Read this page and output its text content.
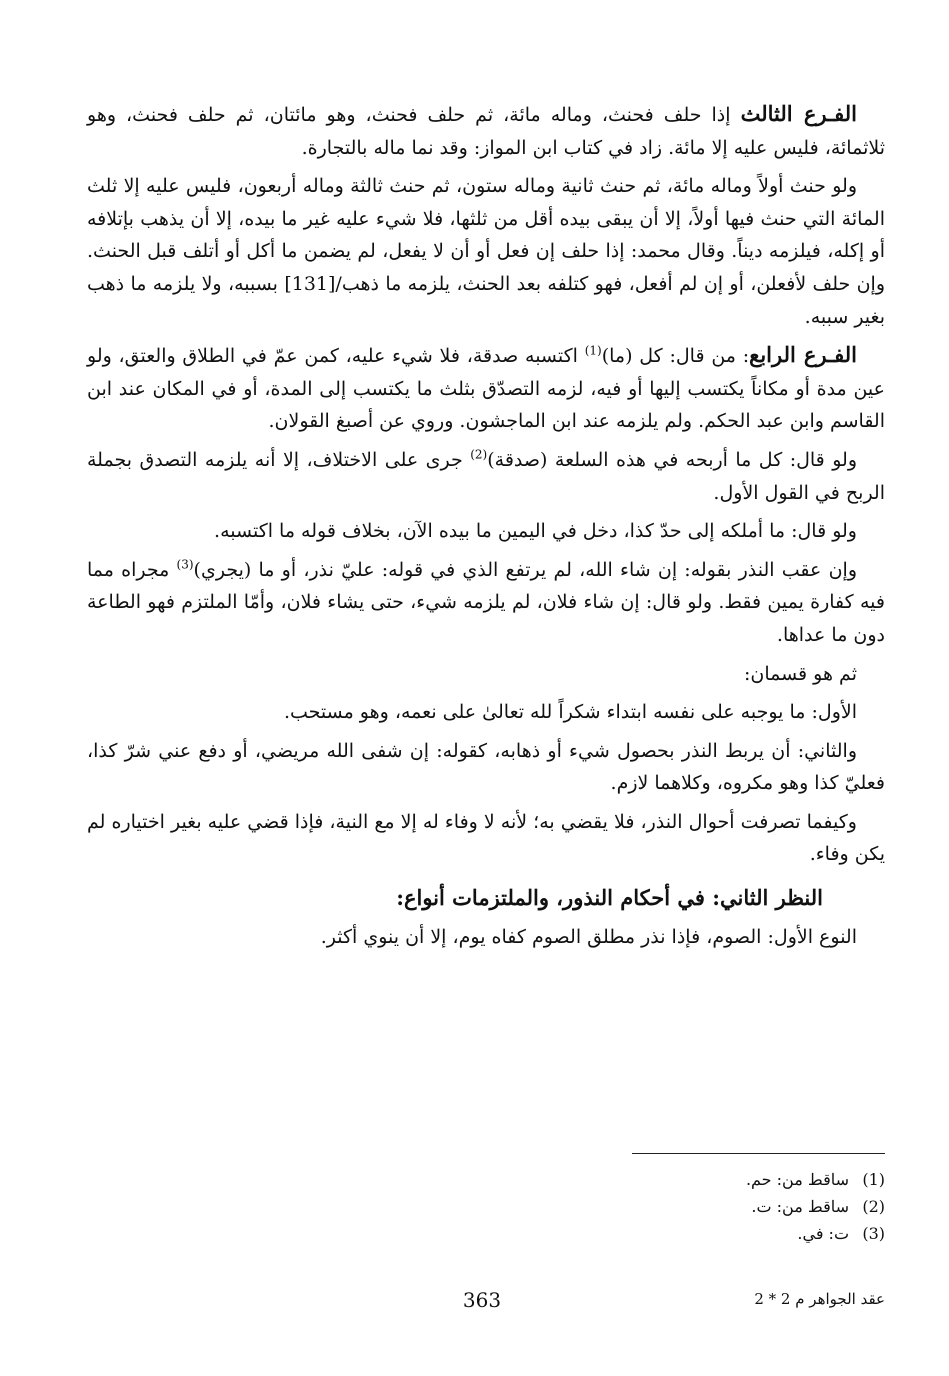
الفـرع الثالث إذا حلف فحنث، وماله مائة، ثم حلف فحنث، وهو مائتان، ثم حلف فحنث، وهو ثلاثمائة، فليس عليه إلا مائة. زاد في كتاب ابن المواز: وقد نما ماله بالتجارة.

ولو حنث أولاً وماله مائة، ثم حنث ثانية وماله ستون، ثم حنث ثالثة وماله أربعون، فليس عليه إلا ثلث المائة التي حنث فيها أولاً، إلا أن يبقى بيده أقل من ثلثها، فلا شيء عليه غير ما بيده، إلا أن يذهب بإتلافه أو إكله، فيلزمه ديناً. وقال محمد: إذا حلف إن فعل أو أن لا يفعل، لم يضمن ما أكل أو أتلف قبل الحنث. وإن حلف لأفعلن، أو إن لم أفعل، فهو كتلفه بعد الحنث، يلزمه ما ذهب/[131] بسببه، ولا يلزمه ما ذهب بغير سببه.

الفـرع الرابع: من قال: كل (ما)$^{(1)}$ اكتسبه صدقة، فلا شيء عليه، كمن عمّ في الطلاق والعتق، ولو عين مدة أو مكاناً يكتسب إليها أو فيه، لزمه التصدّق بثلث ما يكتسب إلى المدة، أو في المكان عند ابن القاسم وابن عبد الحكم. ولم يلزمه عند ابن الماجشون. وروي عن أصبغ القولان.

ولو قال: كل ما أربحه في هذه السلعة (صدقة)$^{(2)}$ جرى على الاختلاف، إلا أنه يلزمه التصدق بجملة الربح في القول الأول.

ولو قال: ما أملكه إلى حدّ كذا، دخل في اليمين ما بيده الآن، بخلاف قوله ما اكتسبه.

وإن عقب النذر بقوله: إن شاء الله، لم يرتفع الذي في قوله: عليّ نذر، أو ما (يجري)$^{(3)}$ مجراه مما فيه كفارة يمين فقط. ولو قال: إن شاء فلان، لم يلزمه شيء، حتى يشاء فلان، وأمّا الملتزم فهو الطاعة دون ما عداها.

ثم هو قسمان:

الأول: ما يوجبه على نفسه ابتداء شكراً لله تعالىٰ على نعمه، وهو مستحب.

والثاني: أن يربط النذر بحصول شيء أو ذهابه، كقوله: إن شفى الله مريضي، أو دفع عني شرّ كذا، فعليّ كذا وهو مكروه، وكلاهما لازم.

وكيفما تصرفت أحوال النذر، فلا يقضي به؛ لأنه لا وفاء له إلا مع النية، فإذا قضي عليه بغير اختياره لم يكن وفاء.

النظر الثاني: في أحكام النذور، والملتزمات أنواع:

النوع الأول: الصوم، فإذا نذر مطلق الصوم كفاه يوم، إلا أن ينوي أكثر.

(1)
ساقط من: حم.
(2)
ساقط من: ت.
(3)
ت: في.
363	عقد الجواهر م 2 * 2
